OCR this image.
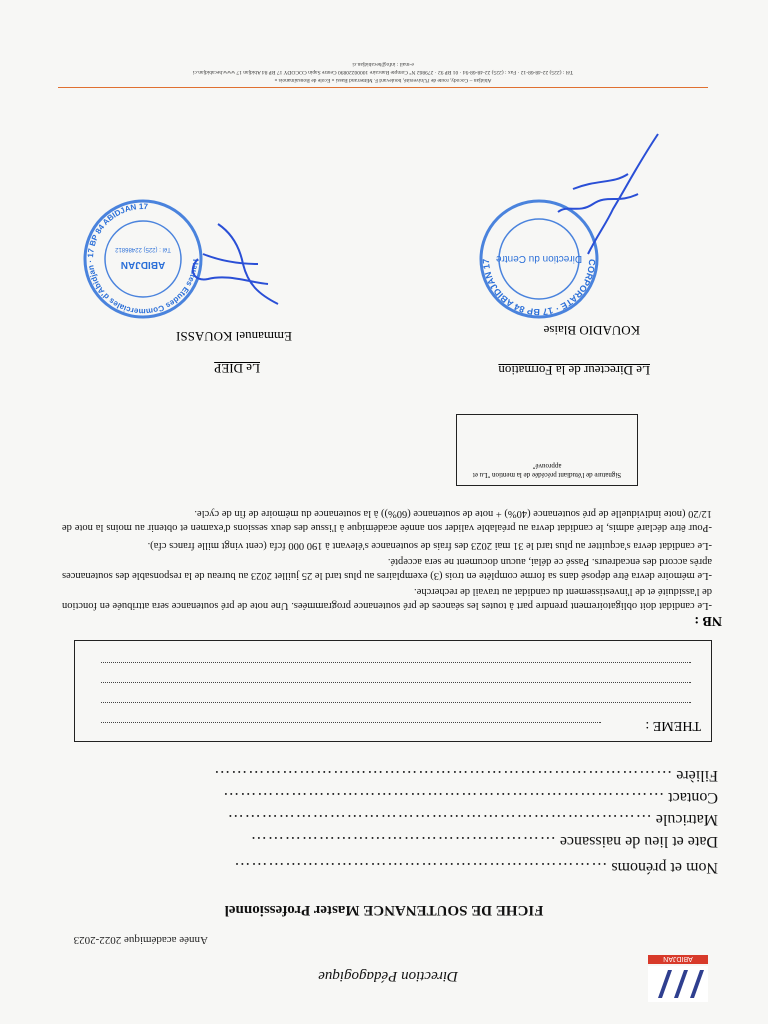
ABIDJAN
Direction Pédagogique
Année académique 2022-2023
FICHE DE SOUTENANCE Master Professionnel
Nom et prénoms …………………………………………………………
Date et lieu de naissance ………………………………………………
Matricule …………………………………………………………………
Contact ……………………………………………………………………
Filière ………………………………………………………………………
THEME :
NB :
-Le candidat doit obligatoirement prendre part à toutes les séances de pré soutenance programmées. Une note de pré soutenance sera attribuée en fonction de l'assiduité et de l'investissement du candidat au travail de recherche.
-Le mémoire devra être déposé dans sa forme complète en trois (3) exemplaires au plus tard le 25 juillet 2023 au bureau de la responsable des soutenances après accord des encadreurs. Passé ce délai, aucun document ne sera accepté.
-Le candidat devra s'acquitter au plus tard le 31 mai 2023 des frais de soutenance s'élevant à 190 000 fcfa (cent vingt mille francs cfa).
-Pour être déclaré admis, le candidat devra au préalable valider son année académique à l'issue des deux sessions d'examen et obtenir au moins la note de 12/20 (note individuelle de pré soutenance (40%) + note de soutenance (60%)) à la soutenance du mémoire de fin de cycle.
Signature de l'étudiant précédée de la mention "Lu et approuvé"
Le Directeur de la Formation
Le DIEP
KOUADIO Blaise
Emmanuel KOUASSI
CORPORATE · 17 BP 84 ABIDJAN 17 Direction du Centre
Hautes Etudes Commerciales d'Abidjan · 17 BP 84 ABIDJAN 17
ABIDJAN
Tél : (225) 22486812
Abidjan – Cocody, route de l'Université, boulevard F. Mitterrand Bassi « Ecole de Bonsaïmanois »
Tél : (225) 22-48-68-12 · Fax : (225) 22-48-68-94 · 01 BP 92 · 279862 N° Compte Bancaire 10000220890 Centre Sapin COCODY 17 BP 84 Abidjan 17 www.hecabidjan.ci
e-mail : info@hecabidjan.ci
